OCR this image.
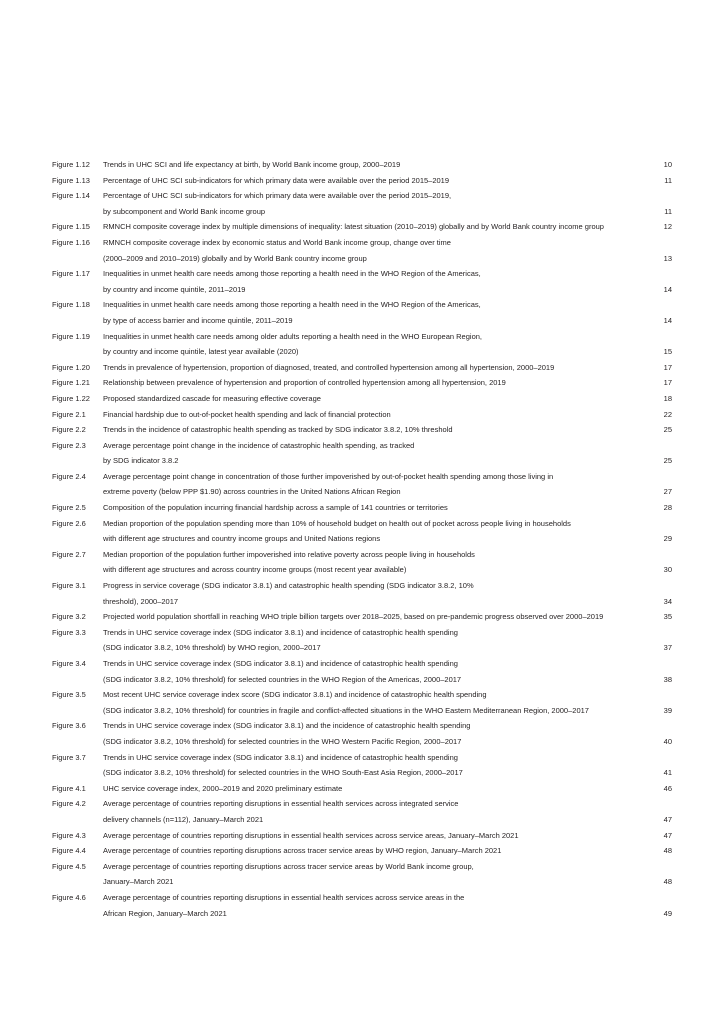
Figure 1.12	Trends in UHC SCI and life expectancy at birth, by World Bank income group, 2000–2019	10
Figure 1.13	Percentage of UHC SCI sub-indicators for which primary data were available over the period 2015–2019	11
Figure 1.14	Percentage of UHC SCI sub-indicators for which primary data were available over the period 2015–2019,
by subcomponent and World Bank income group	11
Figure 1.15	RMNCH composite coverage index by multiple dimensions of inequality: latest situation (2010–2019) globally and by World Bank country income group	12
Figure 1.16	RMNCH composite coverage index by economic status and World Bank income group, change over time
(2000–2009 and 2010–2019) globally and by World Bank country income group	13
Figure 1.17	Inequalities in unmet health care needs among those reporting a health need in the WHO Region of the Americas,
by country and income quintile, 2011–2019	14
Figure 1.18	Inequalities in unmet health care needs among those reporting a health need in the WHO Region of the Americas,
by type of access barrier and income quintile, 2011–2019	14
Figure 1.19	Inequalities in unmet health care needs among older adults reporting a health need in the WHO European Region,
by country and income quintile, latest year available (2020)	15
Figure 1.20	Trends in prevalence of hypertension, proportion of diagnosed, treated, and controlled hypertension among all hypertension, 2000–2019	17
Figure 1.21	Relationship between prevalence of hypertension and proportion of controlled hypertension among all hypertension, 2019	17
Figure 1.22	Proposed standardized cascade for measuring effective coverage	18
Figure 2.1	Financial hardship due to out-of-pocket health spending and lack of financial protection	22
Figure 2.2	Trends in the incidence of catastrophic health spending as tracked by SDG indicator 3.8.2, 10% threshold	25
Figure 2.3	Average percentage point change in the incidence of catastrophic health spending, as tracked
by SDG indicator 3.8.2	25
Figure 2.4	Average percentage point change in concentration of those further impoverished by out-of-pocket health spending among those living in
extreme poverty (below PPP $1.90) across countries in the United Nations African Region	27
Figure 2.5	Composition of the population incurring financial hardship across a sample of 141 countries or territories	28
Figure 2.6	Median proportion of the population spending more than 10% of household budget on health out of pocket across people living in households
with different age structures and country income groups and United Nations regions	29
Figure 2.7	Median proportion of the population further impoverished into relative poverty across people living in households
with different age structures and across country income groups (most recent year available)	30
Figure 3.1	Progress in service coverage (SDG indicator 3.8.1) and catastrophic health spending (SDG indicator 3.8.2, 10%
threshold), 2000–2017	34
Figure 3.2	Projected world population shortfall in reaching WHO triple billion targets over 2018–2025, based on pre-pandemic progress observed over 2000–2019	35
Figure 3.3	Trends in UHC service coverage index (SDG indicator 3.8.1) and incidence of catastrophic health spending
(SDG indicator 3.8.2, 10% threshold) by WHO region, 2000–2017	37
Figure 3.4	Trends in UHC service coverage index (SDG indicator 3.8.1) and incidence of catastrophic health spending
(SDG indicator 3.8.2, 10% threshold) for selected countries in the WHO Region of the Americas, 2000–2017	38
Figure 3.5	Most recent UHC service coverage index score (SDG indicator 3.8.1) and incidence of catastrophic health spending
(SDG indicator 3.8.2, 10% threshold) for countries in fragile and conflict-affected situations in the WHO Eastern Mediterranean Region, 2000–2017	39
Figure 3.6	Trends in UHC service coverage index (SDG indicator 3.8.1) and the incidence of catastrophic health spending
(SDG indicator 3.8.2, 10% threshold) for selected countries in the WHO Western Pacific Region, 2000–2017	40
Figure 3.7	Trends in UHC service coverage index (SDG indicator 3.8.1) and incidence of catastrophic health spending
(SDG indicator 3.8.2, 10% threshold) for selected countries in the WHO South-East Asia Region, 2000–2017	41
Figure 4.1	UHC service coverage index, 2000–2019 and 2020 preliminary estimate	46
Figure 4.2	Average percentage of countries reporting disruptions in essential health services across integrated service
delivery channels (n=112), January–March 2021	47
Figure 4.3	Average percentage of countries reporting disruptions in essential health services across service areas, January–March 2021	47
Figure 4.4	Average percentage of countries reporting disruptions across tracer service areas by WHO region, January–March 2021	48
Figure 4.5	Average percentage of countries reporting disruptions across tracer service areas by World Bank income group,
January–March 2021	48
Figure 4.6	Average percentage of countries reporting disruptions in essential health services across service areas in the
African Region, January–March 2021	49
